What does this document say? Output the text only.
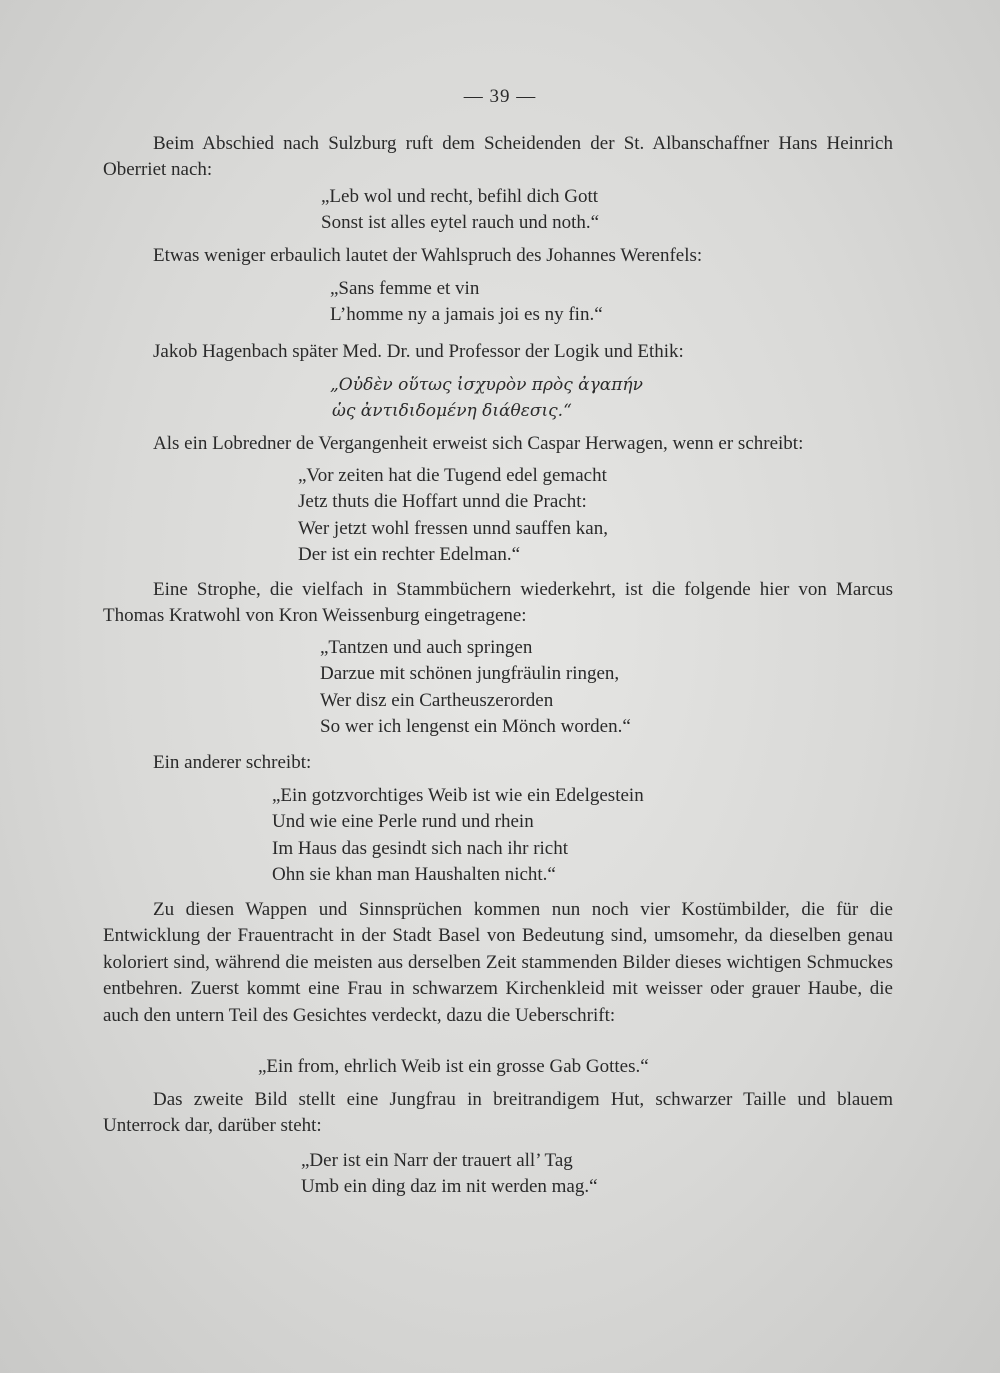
— 39 —

Beim Abschied nach Sulzburg ruft dem Scheidenden der St. Albanschaffner Hans Heinrich Oberriet nach:

„Leb wol und recht, befihl dich Gott
Sonst ist alles eytel rauch und noth.“

Etwas weniger erbaulich lautet der Wahlspruch des Johannes Werenfels:

„Sans femme et vin
L’homme ny a jamais joi es ny fin.“

Jakob Hagenbach später Med. Dr. und Professor der Logik und Ethik:

„Οὐδὲν οὕτως ἰσχυρὸν πρὸς ἀγαπήν
ὡς ἀντιδιδομένη διάθεσις.“

Als ein Lobredner de Vergangenheit erweist sich Caspar Herwagen, wenn er schreibt:

„Vor zeiten hat die Tugend edel gemacht
Jetz thuts die Hoffart unnd die Pracht:
Wer jetzt wohl fressen unnd sauffen kan,
Der ist ein rechter Edelman.“

Eine Strophe, die vielfach in Stammbüchern wiederkehrt, ist die folgende hier von Marcus Thomas Kratwohl von Kron Weissenburg eingetragene:

„Tantzen und auch springen
Darzue mit schönen jungfräulin ringen,
Wer disz ein Cartheuszerorden
So wer ich lengenst ein Mönch worden.“

Ein anderer schreibt:

„Ein gotzvorchtiges Weib ist wie ein Edelgestein
Und wie eine Perle rund und rhein
Im Haus das gesindt sich nach ihr richt
Ohn sie khan man Haushalten nicht.“

Zu diesen Wappen und Sinnsprüchen kommen nun noch vier Kostümbilder, die für die Entwicklung der Frauentracht in der Stadt Basel von Bedeutung sind, umsomehr, da dieselben genau koloriert sind, während die meisten aus derselben Zeit stammenden Bilder dieses wichtigen Schmuckes entbehren. Zuerst kommt eine Frau in schwarzem Kirchenkleid mit weisser oder grauer Haube, die auch den untern Teil des Gesichtes verdeckt, dazu die Ueberschrift:

„Ein from, ehrlich Weib ist ein grosse Gab Gottes.“

Das zweite Bild stellt eine Jungfrau in breitrandigem Hut, schwarzer Taille und blauem Unterrock dar, darüber steht:

„Der ist ein Narr der trauert all’ Tag
Umb ein ding daz im nit werden mag.“
